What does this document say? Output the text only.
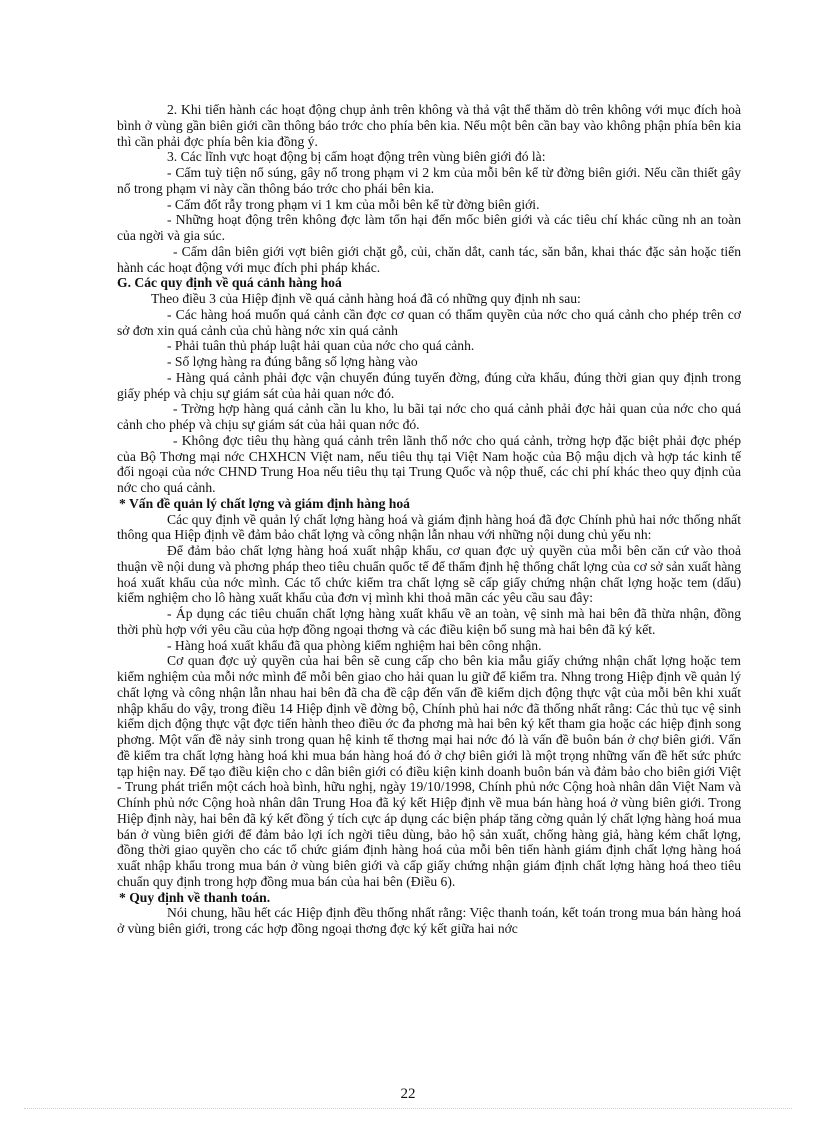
2. Khi tiến hành các hoạt động chụp ảnh trên không và thả vật thể thăm dò trên không với mục đích hoà bình ở vùng gần biên giới cần thông báo trớc cho phía bên kia. Nếu một bên cần bay vào không phận phía bên kia thì cần phải đợc phía bên kia đồng ý.

3. Các lĩnh vực hoạt động bị cấm hoạt động trên vùng biên giới đó là:

- Cấm tuỳ tiện nổ súng, gây nổ trong phạm vi 2 km của mỗi bên kể từ đờng biên giới. Nếu cần thiết gây nổ trong phạm vi này cần thông báo trớc cho phái bên kia.

- Cấm đốt rẫy trong phạm vi 1 km của mỗi bên kể từ đờng biên giới.

- Những hoạt động trên không đợc làm tổn hại đến mốc biên giới và các tiêu chí khác cũng nh an toàn của ngời và gia súc.

- Cấm dân biên giới vợt biên giới chặt gỗ, củi, chăn dắt, canh tác, săn bắn, khai thác đặc sản hoặc tiến hành các hoạt động với mục đích phi pháp khác.

G. Các quy định về quá cảnh hàng hoá

Theo điều 3 của Hiệp định về quá cảnh hàng hoá đã có những quy định nh sau:

- Các hàng hoá muốn quá cảnh cần đợc cơ quan có thẩm quyền của nớc cho quá cảnh cho phép trên cơ sở đơn xin quá cảnh của chủ hàng nớc xin quá cảnh

- Phải tuân thủ pháp luật hải quan của nớc cho quá cảnh.

- Số lợng hàng ra đúng bằng số lợng hàng vào

- Hàng quá cảnh phải đợc vận chuyển đúng tuyến đờng, đúng cửa khẩu, đúng thời gian quy định trong giấy phép và chịu sự giám sát của hải quan nớc đó.

- Trờng hợp hàng quá cảnh cần lu kho, lu bãi tại nớc cho quá cảnh phải đợc hải quan của nớc cho quá cảnh cho phép và chịu sự giám sát của hải quan nớc đó.

- Không đợc tiêu thụ hàng quá cảnh trên lãnh thổ nớc cho quá cảnh, trờng hợp đặc biệt phải đợc phép của Bộ Thơng mại nớc CHXHCN Việt nam, nếu tiêu thụ tại Việt Nam hoặc của Bộ mậu dịch và hợp tác kinh tế đối ngoại của nớc CHND Trung Hoa nếu tiêu thụ tại Trung Quốc và nộp thuế, các chi phí khác theo quy định của nớc cho quá cảnh.

* Vấn đề quản lý chất lợng và giám định hàng hoá

Các quy định về quản lý chất lợng hàng hoá và giám định hàng hoá đã đợc Chính phủ hai nớc thống nhất thông qua Hiệp định về đảm bảo chất lợng và công nhận lẫn nhau với những nội dung chủ yếu nh:

Để đảm bảo chất lợng hàng hoá xuất nhập khẩu, cơ quan đợc uỷ quyền của mỗi bên căn cứ vào thoả thuận về nội dung và phơng pháp theo tiêu chuẩn quốc tế để thẩm định hệ thống chất lợng của cơ sở sản xuất hàng hoá xuất khẩu của nớc mình. Các tổ chức kiểm tra chất lợng sẽ cấp giấy chứng nhận chất lợng hoặc tem (dấu) kiểm nghiệm cho lô hàng xuất khẩu của đơn vị mình khi thoả mãn các yêu cầu sau đây:

- Áp dụng các tiêu chuẩn chất lợng hàng xuất khẩu về an toàn, vệ sinh mà hai bên đã thừa nhận, đồng thời phù hợp với yêu cầu của hợp đồng ngoại thơng và các điều kiện bổ sung mà hai bên đã ký kết.

- Hàng hoá xuất khẩu đã qua phòng kiểm nghiệm hai bên công nhận.

Cơ quan đợc uỷ quyền của hai bên sẽ cung cấp cho bên kia mẫu giấy chứng nhận chất lợng hoặc tem kiểm nghiệm của mỗi nớc mình để mỗi bên giao cho hải quan lu giữ để kiểm tra. Nhng trong Hiệp định về quản lý chất lợng và công nhận lẫn nhau hai bên đã cha đề cập đến vấn đề kiểm dịch động thực vật của mỗi bên khi xuất nhập khẩu do vậy, trong điều 14 Hiệp định về đờng bộ, Chính phủ hai nớc đã thống nhất rằng: Các thủ tục vệ sinh kiểm dịch động thực vật đợc tiến hành theo điều ớc đa phơng mà hai bên ký kết tham gia hoặc các hiệp định song phơng. Một vấn đề nảy sinh trong quan hệ kinh tế thơng mại hai nớc đó là vấn đề buôn bán ở chợ biên giới. Vấn đề kiểm tra chất lợng hàng hoá khi mua bán hàng hoá đó ở chợ biên giới là một trọng những vấn đề hết sức phức tạp hiện nay. Để tạo điều kiện cho c dân biên giới có điều kiện kinh doanh buôn bán và đảm bảo cho biên giới Việt - Trung phát triển một cách hoà bình, hữu nghị, ngày 19/10/1998, Chính phủ nớc Cộng hoà nhân dân Việt Nam và Chính phủ nớc Cộng hoà nhân dân Trung Hoa đã ký kết Hiệp định về mua bán hàng hoá ở vùng biên giới. Trong Hiệp định này, hai bên đã ký kết đồng ý tích cực áp dụng các biện pháp tăng cờng quản lý chất lợng hàng hoá mua bán ở vùng biên giới để đảm bảo lợi ích ngời tiêu dùng, bảo hộ sản xuất, chống hàng giả, hàng kém chất lợng, đồng thời giao quyền cho các tổ chức giám định hàng hoá của mỗi bên tiến hành giám định chất lợng hàng hoá xuất nhập khẩu trong mua bán ở vùng biên giới và cấp giấy chứng nhận giám định chất lợng hàng hoá theo tiêu chuẩn quy định trong hợp đồng mua bán của hai bên (Điều 6).

* Quy định về thanh toán.

Nói chung, hầu hết các Hiệp định đều thống nhất rằng: Việc thanh toán, kết toán trong mua bán hàng hoá ở vùng biên giới, trong các hợp đồng ngoại thơng đợc ký kết giữa hai nớc

22
